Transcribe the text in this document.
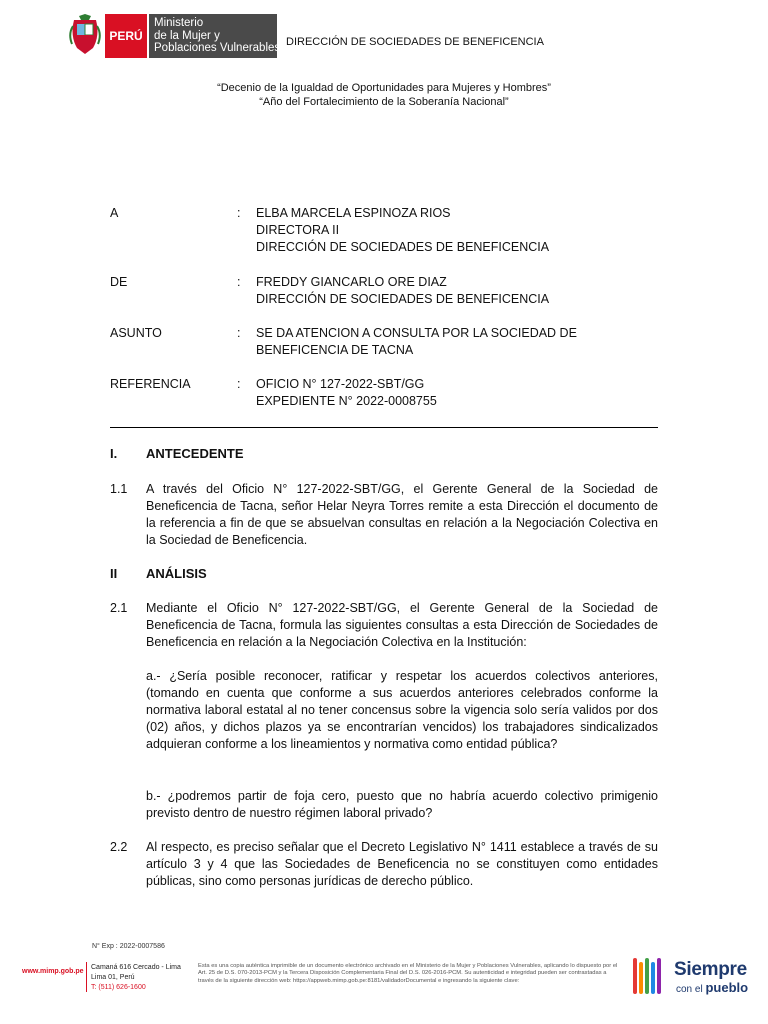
PERÚ
Ministerio
de la Mujer y
Poblaciones Vulnerables DIRECCIÓN DE SOCIEDADES DE BENEFICENCIA
“Decenio de la Igualdad de Oportunidades para Mujeres y Hombres”
“Año del Fortalecimiento de la Soberanía Nacional”
A	: ELBA MARCELA ESPINOZA RIOS
DIRECTORA II
DIRECCIÓN DE SOCIEDADES DE BENEFICENCIA
DE	: FREDDY GIANCARLO ORE DIAZ
DIRECCIÓN DE SOCIEDADES DE BENEFICENCIA
ASUNTO	: SE DA ATENCION A CONSULTA POR LA SOCIEDAD DE
BENEFICENCIA DE TACNA
REFERENCIA	: OFICIO N° 127-2022-SBT/GG
EXPEDIENTE N° 2022-0008755
I. ANTECEDENTE
1.1 A través del Oficio N° 127-2022-SBT/GG, el Gerente General de la Sociedad de Beneficencia de Tacna, señor Helar Neyra Torres remite a esta Dirección el documento de la referencia a fin de que se absuelvan consultas en relación a la Negociación Colectiva en la Sociedad de Beneficencia.
II ANÁLISIS
2.1 Mediante el Oficio N° 127-2022-SBT/GG, el Gerente General de la Sociedad de Beneficencia de Tacna, formula las siguientes consultas a esta Dirección de Sociedades de Beneficencia en relación a la Negociación Colectiva en la Institución:
a.- ¿Sería posible reconocer, ratificar y respetar los acuerdos colectivos anteriores, (tomando en cuenta que conforme a sus acuerdos anteriores celebrados conforme la normativa laboral estatal al no tener concensus sobre la vigencia solo sería validos por dos (02) años, y dichos plazos ya se encontrarían vencidos) los trabajadores sindicalizados adquieran conforme a los lineamientos y normativa como entidad pública?
b.- ¿podremos partir de foja cero, puesto que no habría acuerdo colectivo primigenio previsto dentro de nuestro régimen laboral privado?
2.2 Al respecto, es preciso señalar que el Decreto Legislativo N° 1411 establece a través de su artículo 3 y 4 que las Sociedades de Beneficencia no se constituyen como entidades públicas, sino como personas jurídicas de derecho público.
N° Exp : 2022-0007586
www.mimp.gob.pe
Camaná 616 Cercado - Lima
Lima 01, Perú
T: (511) 626-1600
Esta es una copia auténtica imprimible de un documento electrónico archivado en el Ministerio de la Mujer y Poblaciones Vulnerables, aplicando lo dispuesto por el Art. 25 de D.S. 070-2013-PCM y la Tercera Disposición Complementaria Final del D.S. 026-2016-PCM. Su autenticidad e integridad pueden ser contrastadas a través de la siguiente dirección web: https://appweb.mimp.gob.pe:8181/validadorDocumental e ingresando la siguiente clave:
Siempre
con el pueblo
